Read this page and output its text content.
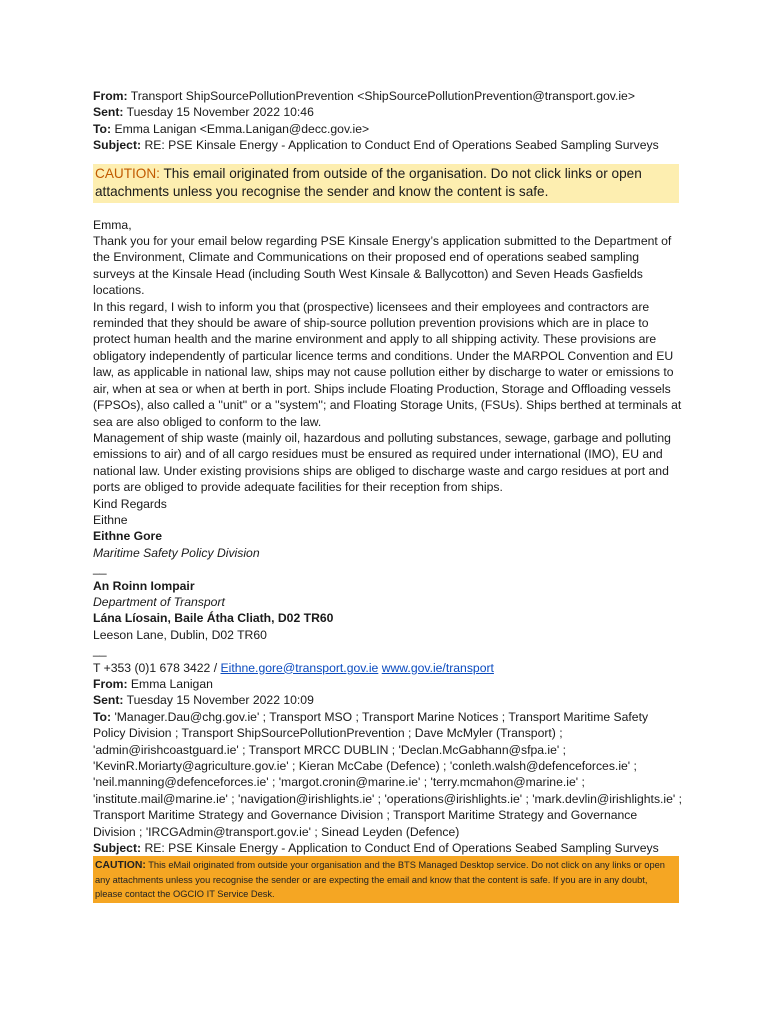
From: Transport ShipSourcePollutionPrevention <ShipSourcePollutionPrevention@transport.gov.ie>
Sent: Tuesday 15 November 2022 10:46
To: Emma Lanigan <Emma.Lanigan@decc.gov.ie>
Subject: RE: PSE Kinsale Energy - Application to Conduct End of Operations Seabed Sampling Surveys
CAUTION: This email originated from outside of the organisation. Do not click links or open attachments unless you recognise the sender and know the content is safe.

Emma,

Thank you for your email below regarding PSE Kinsale Energy’s application submitted to the Department of the Environment, Climate and Communications on their proposed end of operations seabed sampling surveys at the Kinsale Head (including South West Kinsale & Ballycotton) and Seven Heads Gasfields locations.

In this regard, I wish to inform you that (prospective) licensees and their employees and contractors are reminded that they should be aware of ship-source pollution prevention provisions which are in place to protect human health and the marine environment and apply to all shipping activity. These provisions are obligatory independently of particular licence terms and conditions. Under the MARPOL Convention and EU law, as applicable in national law, ships may not cause pollution either by discharge to water or emissions to air, when at sea or when at berth in port. Ships include Floating Production, Storage and Offloading vessels (FPSOs), also called a ''unit'' or a ''system''; and Floating Storage Units, (FSUs). Ships berthed at terminals at sea are also obliged to conform to the law.

Management of ship waste (mainly oil, hazardous and polluting substances, sewage, garbage and polluting emissions to air) and of all cargo residues must be ensured as required under international (IMO), EU and national law. Under existing provisions ships are obliged to discharge waste and cargo residues at port and ports are obliged to provide adequate facilities for their reception from ships.

Kind Regards

Eithne

Eithne Gore

Maritime Safety Policy Division

__

An Roinn Iompair

Department of Transport

Lána Líosain, Baile Átha Cliath, D02 TR60

Leeson Lane, Dublin, D02 TR60

__

T +353 (0)1 678 3422 / Eithne.gore@transport.gov.ie www.gov.ie/transport

From: Emma Lanigan
Sent: Tuesday 15 November 2022 10:09
To: 'Manager.Dau@chg.gov.ie' ; Transport MSO ; Transport Marine Notices ; Transport Maritime Safety Policy Division ; Transport ShipSourcePollutionPrevention ; Dave McMyler (Transport) ; 'admin@irishcoastguard.ie' ; Transport MRCC DUBLIN ; 'Declan.McGabhann@sfpa.ie' ; 'KevinR.Moriarty@agriculture.gov.ie' ; Kieran McCabe (Defence) ; 'conleth.walsh@defenceforces.ie' ; 'neil.manning@defenceforces.ie' ; 'margot.cronin@marine.ie' ; 'terry.mcmahon@marine.ie' ; 'institute.mail@marine.ie' ; 'navigation@irishlights.ie' ; 'operations@irishlights.ie' ; 'mark.devlin@irishlights.ie' ; Transport Maritime Strategy and Governance Division ; Transport Maritime Strategy and Governance Division ; 'IRCGAdmin@transport.gov.ie' ; Sinead Leyden (Defence)
Subject: RE: PSE Kinsale Energy - Application to Conduct End of Operations Seabed Sampling Surveys
CAUTION: This eMail originated from outside your organisation and the BTS Managed Desktop service. Do not click on any links or open any attachments unless you recognise the sender or are expecting the email and know that the content is safe. If you are in any doubt, please contact the OGCIO IT Service Desk.
